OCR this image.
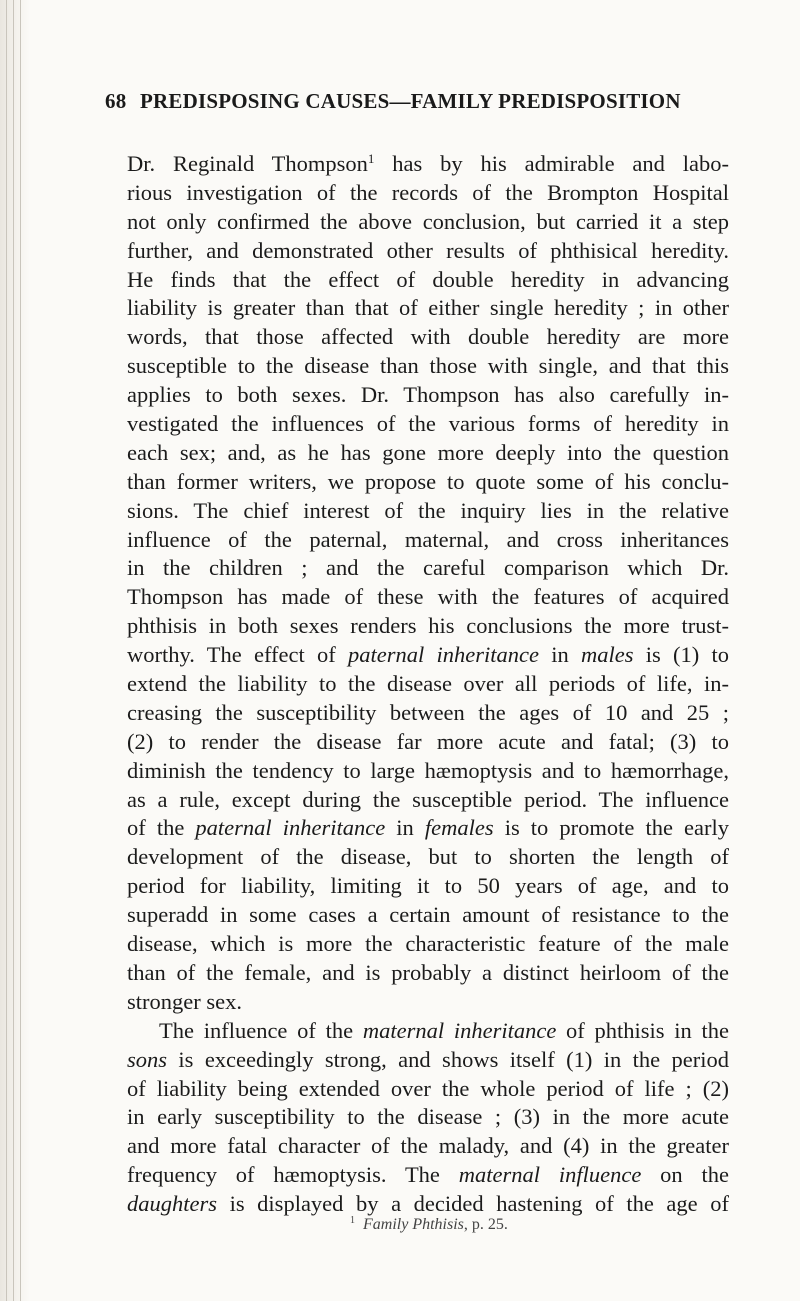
68 PREDISPOSING CAUSES—FAMILY PREDISPOSITION
Dr. Reginald Thompson$^1$ has by his admirable and labo-
rious investigation of the records of the Brompton Hospital
not only confirmed the above conclusion, but carried it a step
further, and demonstrated other results of phthisical heredity.
He finds that the effect of double heredity in advancing
liability is greater than that of either single heredity ; in other
words, that those affected with double heredity are more
susceptible to the disease than those with single, and that this
applies to both sexes. Dr. Thompson has also carefully in-
vestigated the influences of the various forms of heredity in
each sex; and, as he has gone more deeply into the question
than former writers, we propose to quote some of his conclu-
sions. The chief interest of the inquiry lies in the relative
influence of the paternal, maternal, and cross inheritances
in the children ; and the careful comparison which Dr.
Thompson has made of these with the features of acquired
phthisis in both sexes renders his conclusions the more trust-
worthy. The effect of paternal inheritance in males is (1) to
extend the liability to the disease over all periods of life, in-
creasing the susceptibility between the ages of 10 and 25 ;
(2) to render the disease far more acute and fatal; (3) to
diminish the tendency to large hæmoptysis and to hæmorrhage,
as a rule, except during the susceptible period. The influence
of the paternal inheritance in females is to promote the early
development of the disease, but to shorten the length of
period for liability, limiting it to 50 years of age, and to
superadd in some cases a certain amount of resistance to the
disease, which is more the characteristic feature of the male
than of the female, and is probably a distinct heirloom of the
stronger sex.
The influence of the maternal inheritance of phthisis in the
sons is exceedingly strong, and shows itself (1) in the period
of liability being extended over the whole period of life ; (2)
in early susceptibility to the disease ; (3) in the more acute
and more fatal character of the malady, and (4) in the greater
frequency of hæmoptysis. The maternal influence on the
daughters is displayed by a decided hastening of the age of
$^1$ Family Phthisis, p. 25.
